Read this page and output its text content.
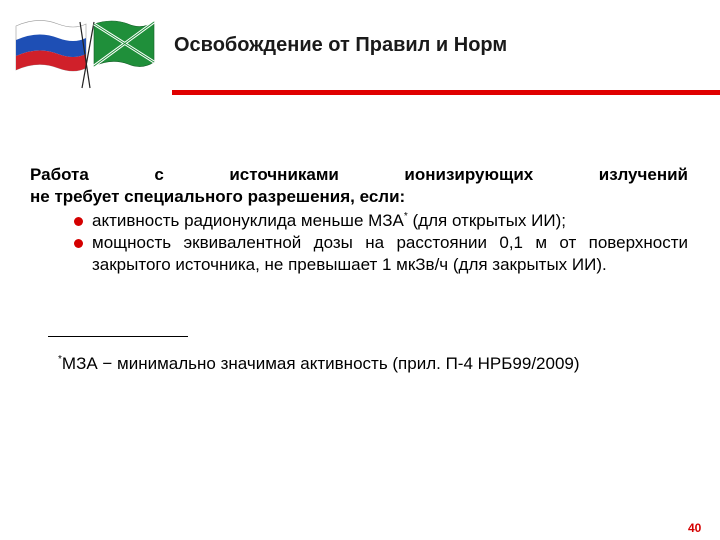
Освобождение от Правил и Норм
Работа с источниками ионизирующих излучений
не требует специального разрешения, если:
активность радионуклида меньше МЗА* (для открытых ИИ);
мощность эквивалентной дозы на расстоянии 0,1 м от поверхности закрытого источника, не превышает 1 мкЗв/ч (для закрытых ИИ).
*МЗА − минимально значимая активность (прил. П-4 НРБ99/2009)
40
